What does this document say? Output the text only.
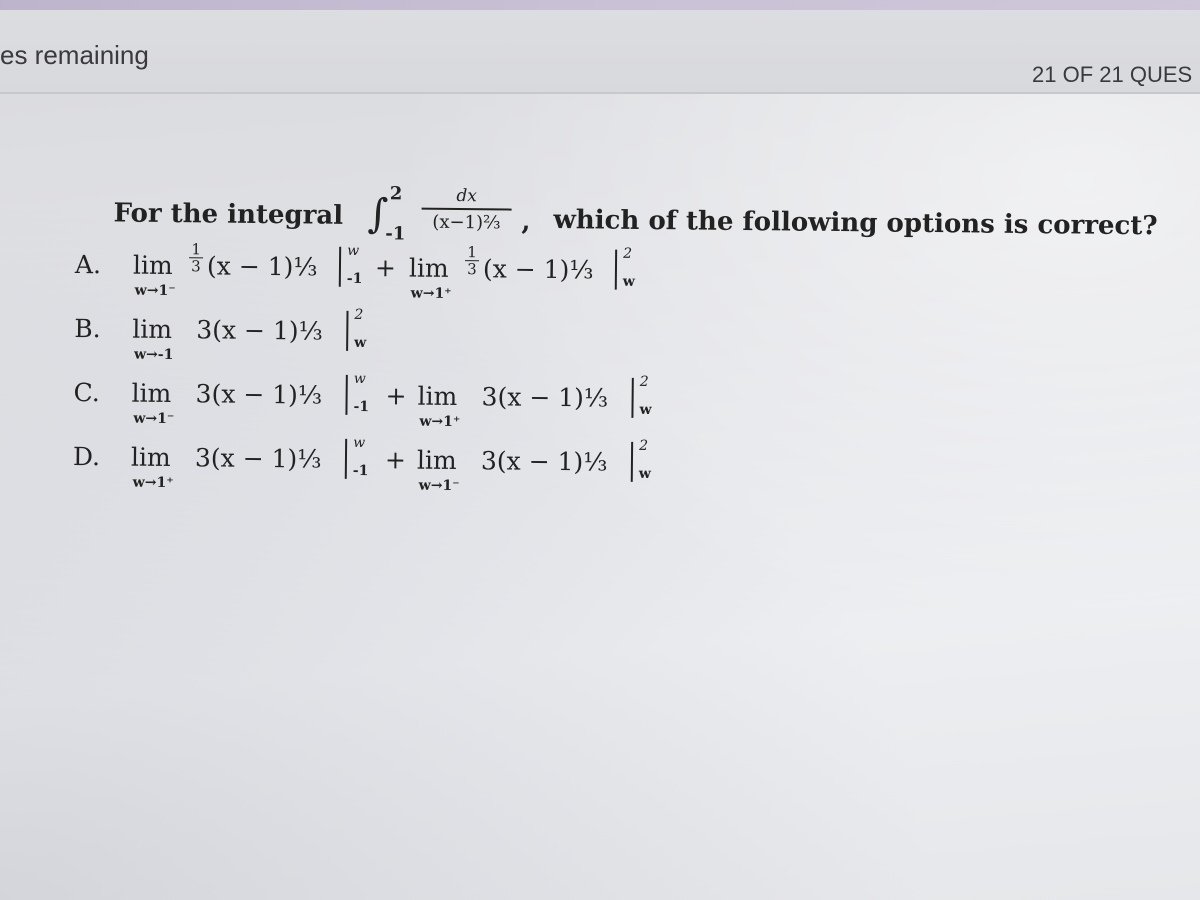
es remaining
21 OF 21 QUES
For the integral ∫ 2
-1
$\frac{dx}{\text{(x−1)²⁄₃}}$ , which of the following options is correct?
A. lim
w→1⁻
$\frac{1}{3} (x$ − 1)¹⁄₃
w
-1 + lim
w→1⁺
$\frac{1}{3} (x$ − 1)¹⁄₃
2
w
B. lim
w→-1
3(x − 1)¹⁄₃
2
w
C. lim
w→1⁻
3(x − 1)¹⁄₃
w
-1 + lim
w→1⁺
3(x − 1)¹⁄₃
2
w
D. lim
w→1⁺
3(x − 1)¹⁄₃
w
-1 + lim
w→1⁻
3(x − 1)¹⁄₃
2
w
